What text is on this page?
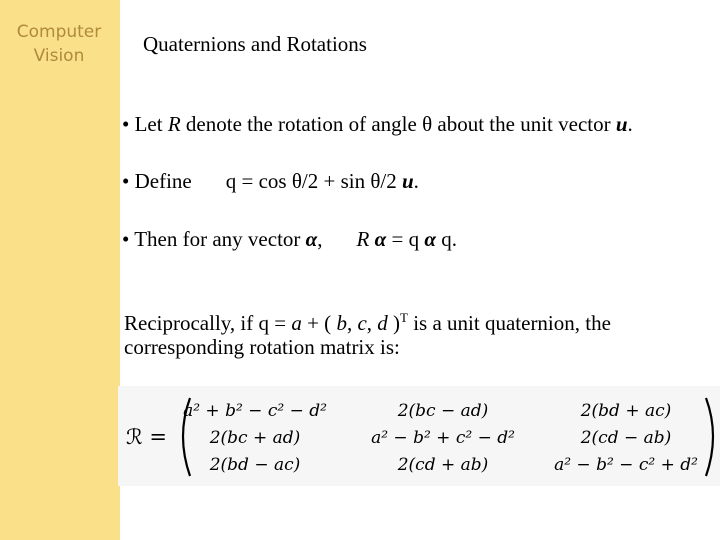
Computer
Vision	Quaternions and Rotations
• Let R denote the rotation of angle θ about the unit vector u.
• Define q = cos θ/2 + sin θ/2 u.
• Then for any vector α, R α = q α q.
Reciprocally, if q = a + ( b, c, d )$^T$ is a unit quaternion, the corresponding rotation matrix is:
ℛ =
a² + b² − c² − d²	2(bc − ad)	2(bd + ac)
2(bc + ad)	a² − b² + c² − d²	2(cd − ab)
2(bd − ac)	2(cd + ab)	a² − b² − c² + d²
